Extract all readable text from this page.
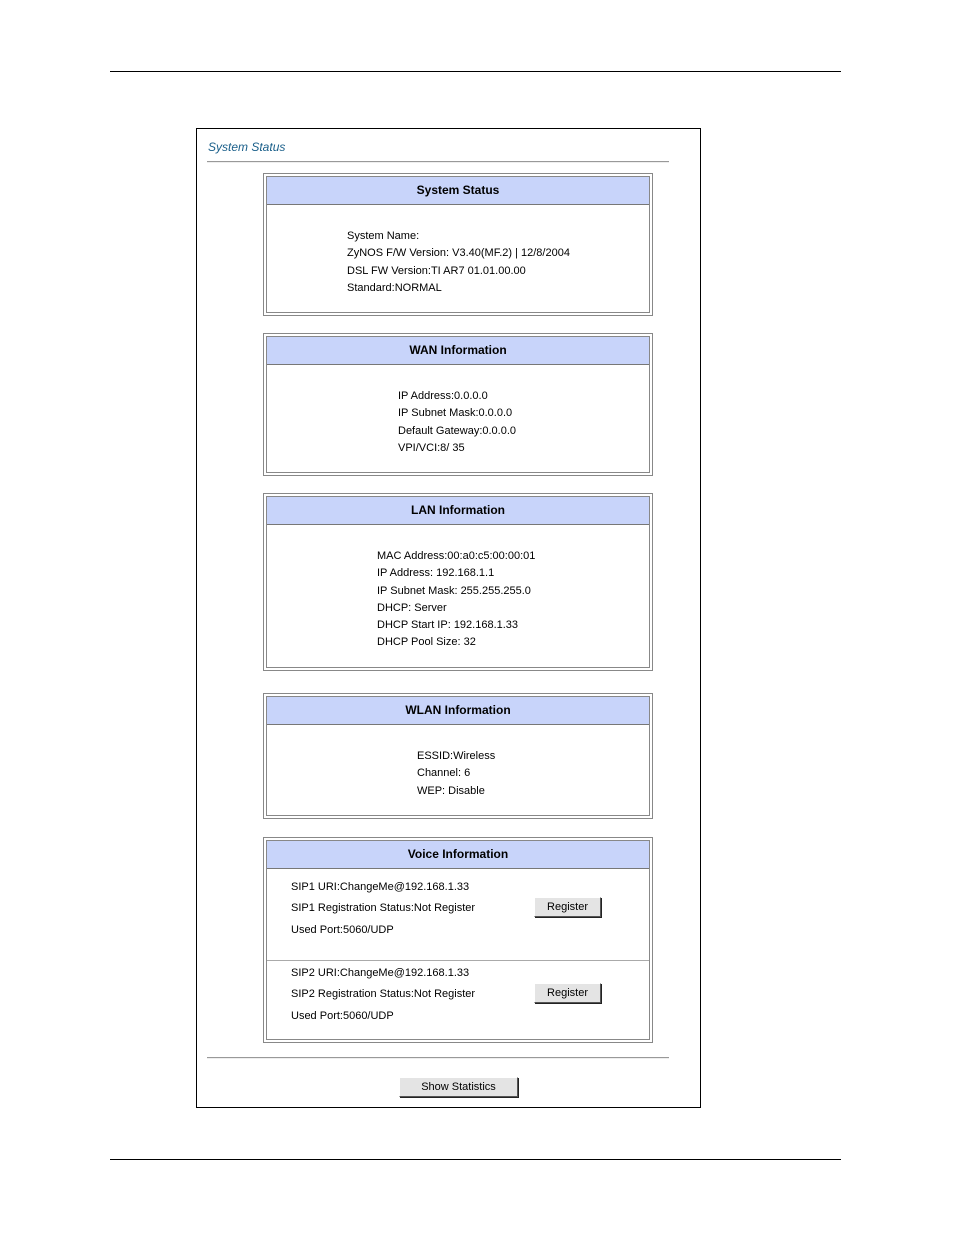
System Status
System Status
System Name:
ZyNOS F/W Version: V3.40(MF.2) | 12/8/2004
DSL FW Version:TI AR7 01.01.00.00
Standard:NORMAL
WAN Information
IP Address:0.0.0.0
IP Subnet Mask:0.0.0.0
Default Gateway:0.0.0.0
VPI/VCI:8/ 35
LAN Information
MAC Address:00:a0:c5:00:00:01
IP Address: 192.168.1.1
IP Subnet Mask: 255.255.255.0
DHCP: Server
DHCP Start IP: 192.168.1.33
DHCP Pool Size: 32
WLAN Information
ESSID:Wireless
Channel: 6
WEP: Disable
Voice Information
SIP1 URI:ChangeMe@192.168.1.33
SIP1 Registration Status:Not Register
Used Port:5060/UDP
Register
SIP2 URI:ChangeMe@192.168.1.33
SIP2 Registration Status:Not Register
Used Port:5060/UDP
Register
Show Statistics
